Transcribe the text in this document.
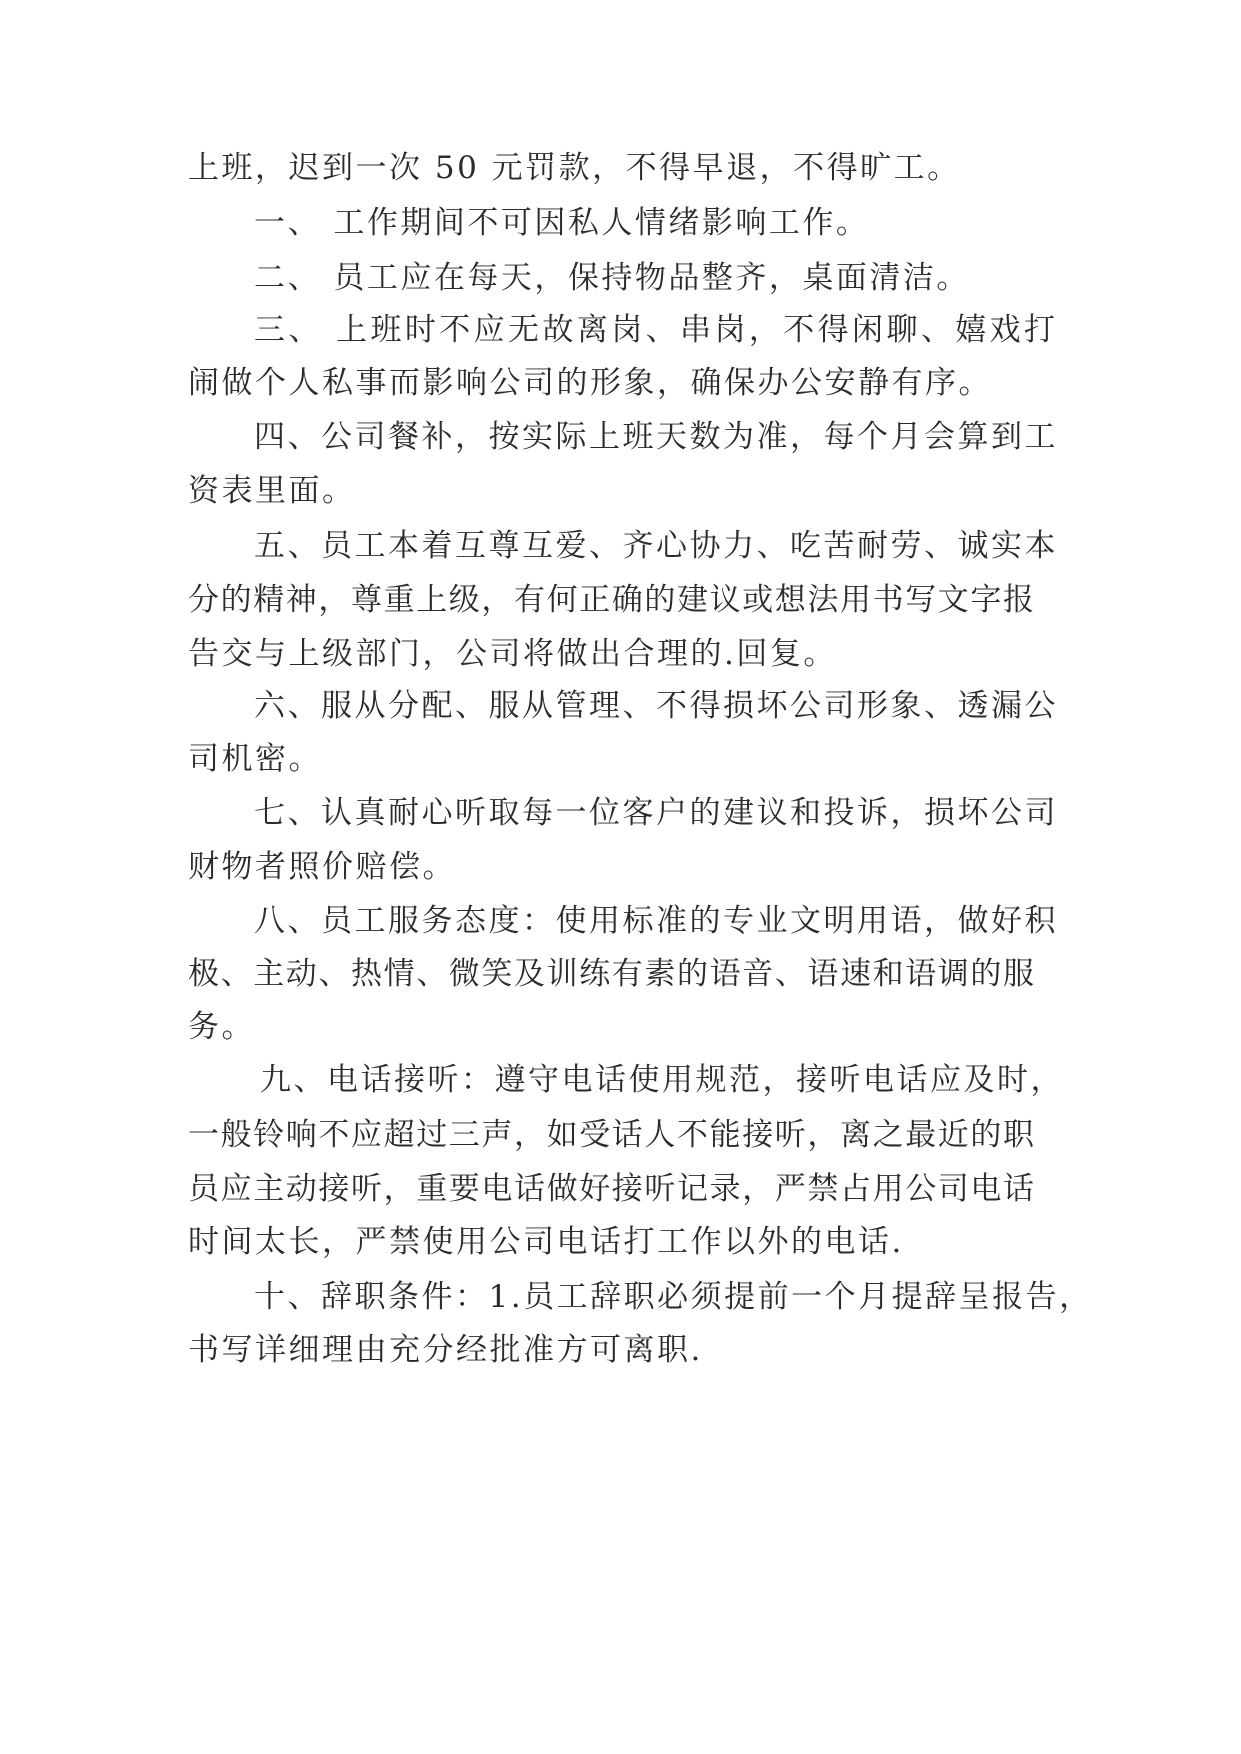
上班，迟到一次 50 元罚款，不得早退，不得旷工。
一、 工作期间不可因私人情绪影响工作。
二、 员工应在每天，保持物品整齐，桌面清洁。
三、 上班时不应无故离岗、串岗，不得闲聊、嬉戏打
闹做个人私事而影响公司的形象，确保办公安静有序。
四、公司餐补，按实际上班天数为准，每个月会算到工
资表里面。
五、员工本着互尊互爱、齐心协力、吃苦耐劳、诚实本
分的精神，尊重上级，有何正确的建议或想法用书写文字报
告交与上级部门，公司将做出合理的.回复。
六、服从分配、服从管理、不得损坏公司形象、透漏公
司机密。
七、认真耐心听取每一位客户的建议和投诉，损坏公司
财物者照价赔偿。
八、员工服务态度：使用标准的专业文明用语，做好积
极、主动、热情、微笑及训练有素的语音、语速和语调的服
务。
九、电话接听：遵守电话使用规范，接听电话应及时，
一般铃响不应超过三声，如受话人不能接听，离之最近的职
员应主动接听，重要电话做好接听记录，严禁占用公司电话
时间太长，严禁使用公司电话打工作以外的电话.
十、辞职条件：1.员工辞职必须提前一个月提辞呈报告，
书写详细理由充分经批准方可离职.
